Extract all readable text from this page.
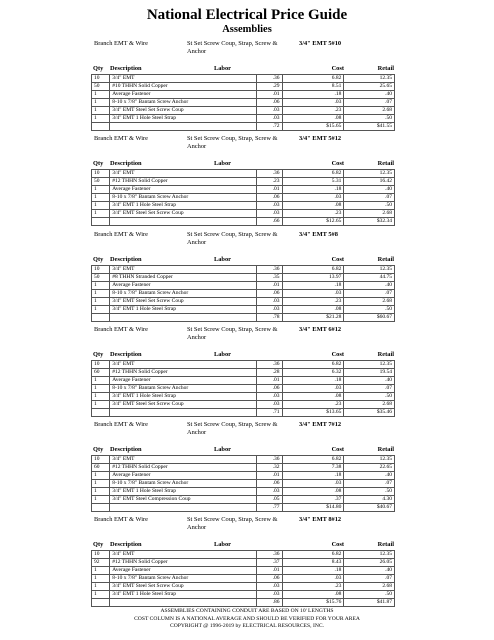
National Electrical Price Guide
Assemblies
Branch EMT & Wire	St Set Screw Coup, Strap, Screw & Anchor
3/4" EMT 5#10
Qty Description	Labor	Cost	Retail
10	3/4" EMT	.36	6.82	12.35
50	#10 THHN Solid Copper	.29	8.51	25.65
1	Average Fastener	.01	.18	.40
1	8-10 x 7/8" Bantam Screw Anchor	.06	.03	.07
1	3/4" EMT Steel Set Screw Coup	.03	.23	2.68
1	3/4" EMT 1 Hole Steel Strap	.03	.08	.50
		.72	$15.65	$41.55
Branch EMT & Wire	St Set Screw Coup, Strap, Screw & Anchor
3/4" EMT 5#12
Qty Description	Labor	Cost	Retail
10	3/4" EMT	.36	6.82	12.35
50	#12 THHN Solid Copper	.23	5.31	16.42
1	Average Fastener	.01	.18	.40
1	8-10 x 7/8" Bantam Screw Anchor	.06	.03	.07
1	3/4" EMT 1 Hole Steel Strap	.03	.08	.50
1	3/4" EMT Steel Set Screw Coup	.03	.23	2.68
		.66	$12.65	$32.34
Branch EMT & Wire	St Set Screw Coup, Strap, Screw & Anchor
3/4" EMT 5#8
Qty Description	Labor	Cost	Retail
10	3/4" EMT	.36	6.82	12.35
50	#8 THHN Stranded Copper	.35	13.97	44.75
1	Average Fastener	.01	.18	.40
1	8-10 x 7/8" Bantam Screw Anchor	.06	.03	.07
1	3/4" EMT Steel Set Screw Coup	.03	.23	2.68
1	3/4" EMT 1 Hole Steel Strap	.03	.08	.50
		.78	$21.28	$60.67
Branch EMT & Wire	St Set Screw Coup, Strap, Screw & Anchor
3/4" EMT 6#12
Qty Description	Labor	Cost	Retail
10	3/4" EMT	.36	6.82	12.35
60	#12 THHN Solid Copper	.28	6.32	19.54
1	Average Fastener	.01	.18	.40
1	8-10 x 7/8" Bantam Screw Anchor	.06	.03	.07
1	3/4" EMT 1 Hole Steel Strap	.03	.08	.50
1	3/4" EMT Steel Set Screw Coup	.03	.23	2.68
		.71	$13.65	$35.46
Branch EMT & Wire	St Set Screw Coup, Strap, Screw & Anchor
3/4" EMT 7#12
Qty Description	Labor	Cost	Retail
10	3/4" EMT	.36	6.82	12.35
60	#12 THHN Solid Copper	.32	7.38	22.65
1	Average Fastener	.01	.18	.40
1	8-10 x 7/8" Bantam Screw Anchor	.06	.03	.07
1	3/4" EMT 1 Hole Steel Strap	.03	.08	.50
1	3/4" EMT Steel Compression Coup	.05	.37	4.30
		.77	$14.80	$40.67
Branch EMT & Wire	St Set Screw Coup, Strap, Screw & Anchor
3/4" EMT 8#12
Qty Description	Labor	Cost	Retail
10	3/4" EMT	.36	6.82	12.35
92	#12 THHN Solid Copper	.37	8.43	26.05
1	Average Fastener	.01	.18	.40
1	8-10 x 7/8" Bantam Screw Anchor	.06	.03	.07
1	3/4" EMT Steel Set Screw Coup	.03	.23	2.68
1	3/4" EMT 1 Hole Steel Strap	.03	.08	.50
		.86	$15.76	$41.87
ASSEMBLIES CONTAINING CONDUIT ARE BASED ON 10' LENGTHS
COST COLUMN IS A NATIONAL AVERAGE AND SHOULD BE VERIFIED FOR YOUR AREA
COPYRIGHT @ 1996-2019 by ELECTRICAL RESOURCES, INC.
